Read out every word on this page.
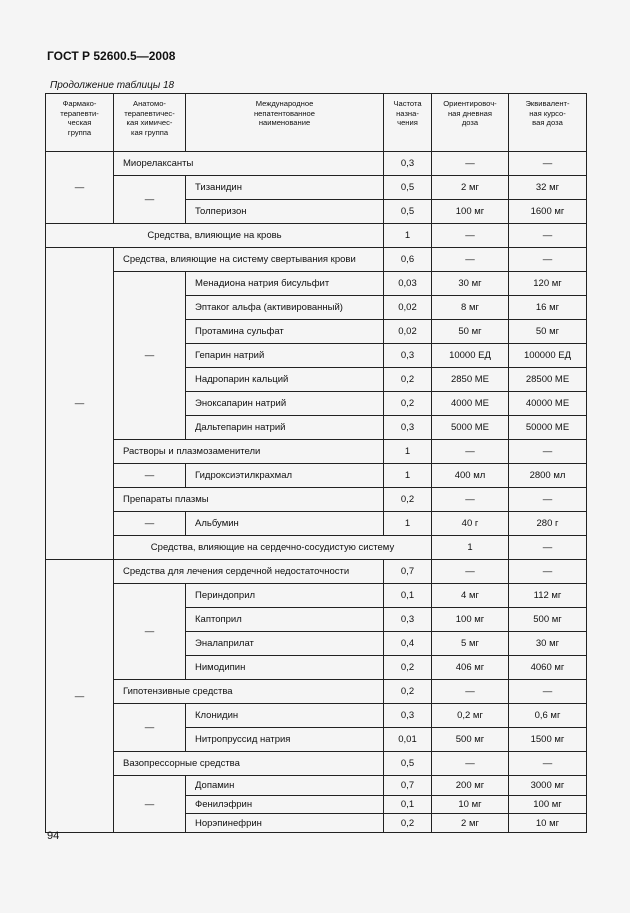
ГОСТ Р 52600.5—2008
Продолжение таблицы 18
Фармако-
терапевти-
ческая
группа	Анатомо-
терапевтичес-
кая химичес-
кая группа	Международное
непатентованное
наименование	Частота
назна-
чения	Ориентировоч-
ная дневная
доза	Эквивалент-
ная курсо-
вая доза	

—	Миорелаксанты		0,3	—	—	
	—	Тизанидин	0,5	2 мг	32 мг	
		Толперизон	0,5	100 мг	1600 мг	
Средства, влияющие на кровь			1	—	—	
—	Средства, влияющие на систему свертывания крови		0,6	—	—	
	—	Менадиона натрия бисульфит	0,03	30 мг	120 мг	
		Эптаког альфа (активированный)	0,02	8 мг	16 мг	
		Протамина сульфат	0,02	50 мг	50 мг	
		Гепарин натрий	0,3	10000 ЕД	100000 ЕД	
		Надропарин кальций	0,2	2850 МЕ	28500 МЕ	
		Эноксапарин натрий	0,2	4000 МЕ	40000 МЕ	
		Дальтепарин натрий	0,3	5000 МЕ	50000 МЕ	
	Растворы и плазмозаменители		1	—	—	
	—	Гидроксиэтилкрахмал	1	400 мл	2800 мл	
	Препараты плазмы		0,2	—	—	
	—	Альбумин	1	40 г	280 г	
	Средства, влияющие на сердечно-сосудистую систему			1	—	
—	Средства для лечения сердечной недостаточности		0,7	—	—	
	—	Периндоприл	0,1	4 мг	112 мг	
		Каптоприл	0,3	100 мг	500 мг	
		Эналаприлат	0,4	5 мг	30 мг	
		Нимодипин	0,2	406 мг	4060 мг	
	Гипотензивные средства		0,2	—	—	
	—	Клонидин	0,3	0,2 мг	0,6 мг	
		Нитропруссид натрия	0,01	500 мг	1500 мг	
	Вазопрессорные средства		0,5	—	—	
	—	Допамин	0,7	200 мг	3000 мг	
		Фенилэфрин	0,1	10 мг	100 мг	
		Норэпинефрин	0,2	2 мг	10 мг	
94
